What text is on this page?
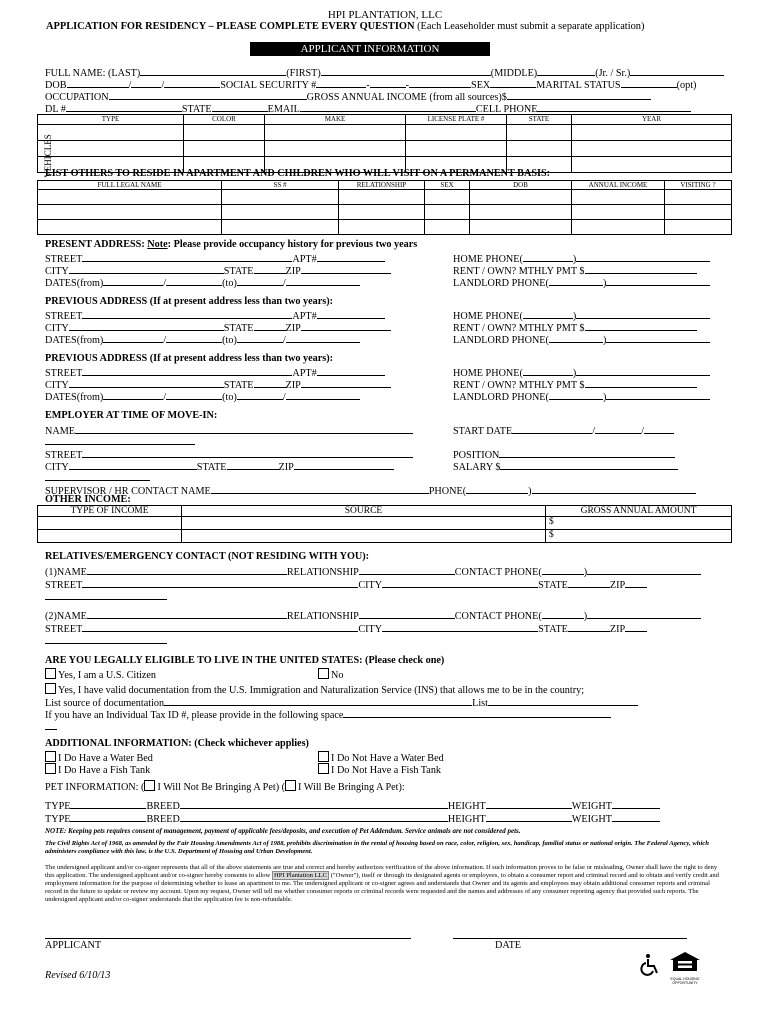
HPI PLANTATION, LLC
APPLICATION FOR RESIDENCY – PLEASE COMPLETE EVERY QUESTION (Each Leaseholder must submit a separate application)
APPLICANT INFORMATION
FULL NAME: (LAST)	(FIRST)	(MIDDLE)	(Jr. / Sr.)
DOB	/	/	SOCIAL SECURITY #	-	-	SEX	MARITAL STATUS	(opt)
OCCUPATION	GROSS ANNUAL INCOME (from all sources)$
DL #	STATE	EMAIL	CELL PHONE
VEHICLES
TYPE	COLOR	MAKE	LICENSE PLATE #	STATE	YEAR

LIST OTHERS TO RESIDE IN APARTMENT AND CHILDREN WHO WILL VISIT ON A PERMANENT BASIS:
FULL LEGAL NAME	SS #	RELATIONSHIP	SEX	DOB	ANNUAL INCOME	VISITING ?

PRESENT ADDRESS: Note: Please provide occupancy history for previous two years
STREET	APT#
CITY	STATE	ZIP
DATES(from)	/	(to)	/
HOME PHONE(	)
RENT / OWN? MTHLY PMT $
LANDLORD PHONE(	)
PREVIOUS ADDRESS (If at present address less than two years):
STREET	APT#
CITY	STATE	ZIP
DATES(from)	/	(to)	/
HOME PHONE(	)
RENT / OWN? MTHLY PMT $
LANDLORD PHONE(	)
PREVIOUS ADDRESS (If at present address less than two years):
STREET	APT#
CITY	STATE	ZIP
DATES(from)	/	(to)	/
HOME PHONE(	)
RENT / OWN? MTHLY PMT $
LANDLORD PHONE(	)
EMPLOYER AT TIME OF MOVE-IN:
NAME	START DATE	/	/
STREET	POSITION
CITY	STATE	ZIP	SALARY $
SUPERVISOR / HR CONTACT NAME	PHONE(	)
OTHER INCOME:
TYPE OF INCOME	SOURCE	GROSS ANNUAL AMOUNT
		$
		$
RELATIVES/EMERGENCY CONTACT (NOT RESIDING WITH YOU):
(1)NAME	RELATIONSHIP	CONTACT PHONE(	)
STREET	CITY	STATE	ZIP
(2)NAME	RELATIONSHIP	CONTACT PHONE(	)
STREET	CITY	STATE	ZIP
ARE YOU LEGALLY ELIGIBLE TO LIVE IN THE UNITED STATES: (Please check one)
Yes, I am a U.S. Citizen	No
Yes, I have valid documentation from the U.S. Immigration and Naturalization Service (INS) that allows me to be in the country;
List source of documentation	List
If you have an Individual Tax ID #, please provide in the following space
ADDITIONAL INFORMATION: (Check whichever applies)
I Do Have a Water Bed	I Do Not Have a Water Bed
I Do Have a Fish Tank	I Do Not Have a Fish Tank
PET INFORMATION: ( I Will Not Be Bringing A Pet) ( I Will Be Bringing A Pet):
TYPE	BREED	HEIGHT	WEIGHT
TYPE	BREED	HEIGHT	WEIGHT
NOTE: Keeping pets requires consent of management, payment of applicable fees/deposits, and execution of Pet Addendum. Service animals are not considered pets.
The Civil Rights Act of 1968, as amended by the Fair Housing Amendments Act of 1988, prohibits discrimination in the rental of housing based on race, color, religion, sex, handicap, familial status or national origin. The Federal Agency, which administers compliance with this law, is the U.S. Department of Housing and Urban Development.
The undersigned applicant and/or co-signer represents that all of the above statements are true and correct and hereby authorizes verification of the above information. If such information proves to be false or misleading, Owner shall have the right to deny this application. The undersigned applicant and/or co-signer hereby consents to allow HPI Plantation LLC ("Owner"), itself or through its designated agents or employees, to obtain a consumer report and criminal record and to obtain and verify credit and employment information for the purpose of determining whether to lease an apartment to me. The undersigned applicant or co-signer agrees and understands that Owner and its agents and employees may obtain additional consumer reports and criminal record in the future to update or review my account. Upon my request, Owner will tell me whether consumer reports or criminal records were requested and the names and addresses of any consumer reporting agency that provided such reports. The undersigned applicant and/or co-signer understands that the application fee is non-refundable.
APPLICANT	DATE
Revised 6/10/13	EQUAL HOUSING OPPORTUNITY
